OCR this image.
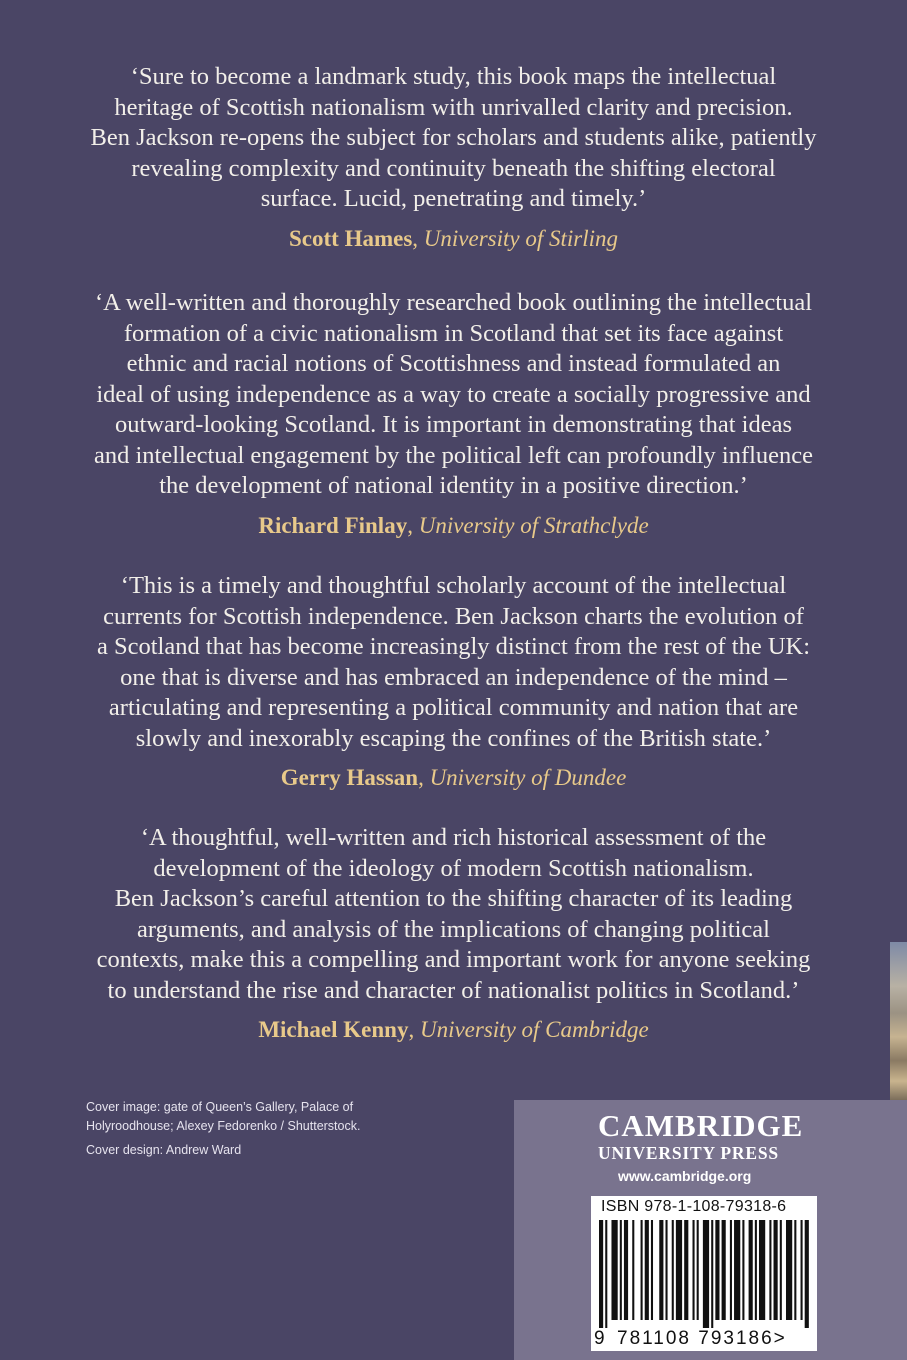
‘Sure to become a landmark study, this book maps the intellectual
heritage of Scottish nationalism with unrivalled clarity and precision.
Ben Jackson re-opens the subject for scholars and students alike, patiently
revealing complexity and continuity beneath the shifting electoral
surface. Lucid, penetrating and timely.’
Scott Hames, University of Stirling
‘A well-written and thoroughly researched book outlining the intellectual
formation of a civic nationalism in Scotland that set its face against
ethnic and racial notions of Scottishness and instead formulated an
ideal of using independence as a way to create a socially progressive and
outward-looking Scotland. It is important in demonstrating that ideas
and intellectual engagement by the political left can profoundly influence
the development of national identity in a positive direction.’
Richard Finlay, University of Strathclyde
‘This is a timely and thoughtful scholarly account of the intellectual
currents for Scottish independence. Ben Jackson charts the evolution of
a Scotland that has become increasingly distinct from the rest of the UK:
one that is diverse and has embraced an independence of the mind –
articulating and representing a political community and nation that are
slowly and inexorably escaping the confines of the British state.’
Gerry Hassan, University of Dundee
‘A thoughtful, well-written and rich historical assessment of the
development of the ideology of modern Scottish nationalism.
Ben Jackson’s careful attention to the shifting character of its leading
arguments, and analysis of the implications of changing political
contexts, make this a compelling and important work for anyone seeking
to understand the rise and character of nationalist politics in Scotland.’
Michael Kenny, University of Cambridge
Cover image: gate of Queen’s Gallery, Palace of
Holyroodhouse; Alexey Fedorenko / Shutterstock.
Cover design: Andrew Ward
CAMBRIDGE
UNIVERSITY PRESS
www.cambridge.org
ISBN 978-1-108-79318-6
9 781108 793186>
